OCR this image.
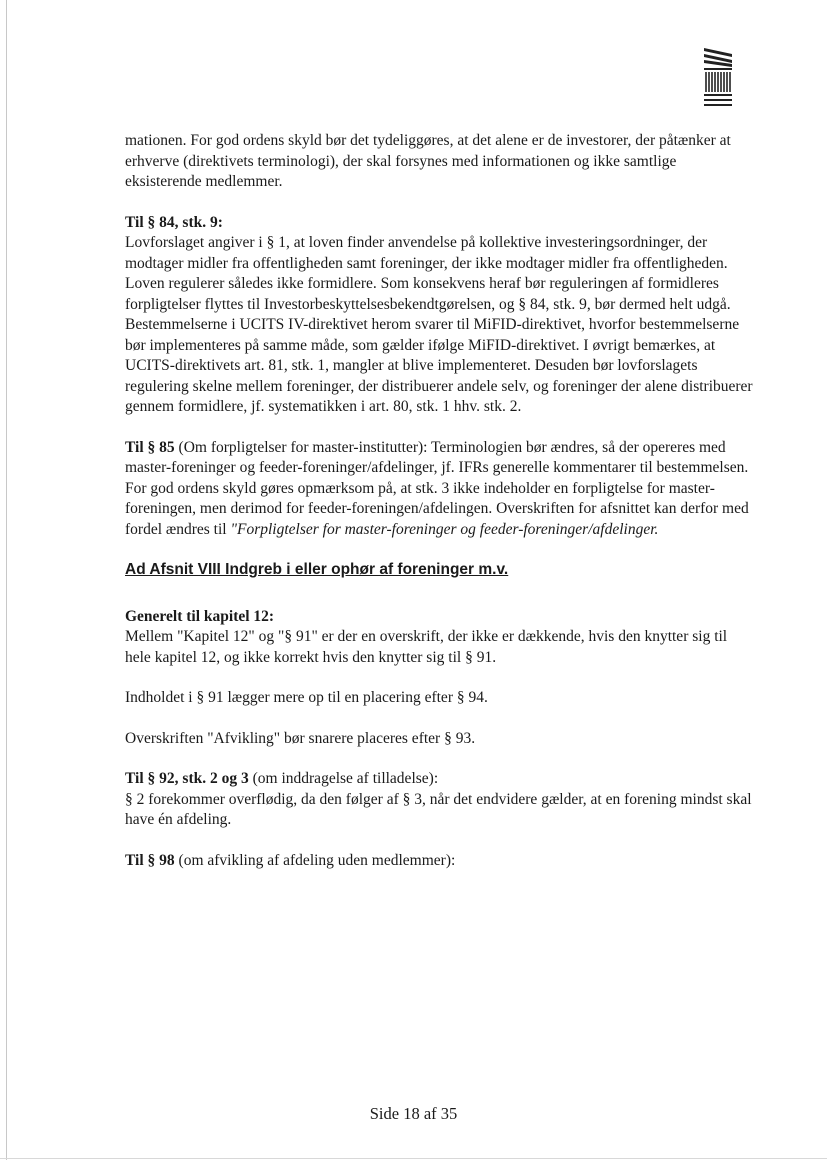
mationen. For god ordens skyld bør det tydeliggøres, at det alene er de investorer, der påtænker at erhverve (direktivets terminologi), der skal forsynes med informationen og ikke samtlige eksisterende medlemmer.

Til § 84, stk. 9:

Lovforslaget angiver i § 1, at loven finder anvendelse på kollektive investeringsordninger, der modtager midler fra offentligheden samt foreninger, der ikke modtager midler fra offentligheden. Loven regulerer således ikke formidlere. Som konsekvens heraf bør reguleringen af formidleres forpligtelser flyttes til Investorbeskyttelsesbekendtgørelsen, og § 84, stk. 9, bør dermed helt udgå. Bestemmelserne i UCITS IV-direktivet herom svarer til MiFID-direktivet, hvorfor bestemmelserne bør implementeres på samme måde, som gælder ifølge MiFID-direktivet. I øvrigt bemærkes, at UCITS-direktivets art. 81, stk. 1, mangler at blive implementeret. Desuden bør lovforslagets regulering skelne mellem foreninger, der distribuerer andele selv, og foreninger der alene distribuerer gennem formidlere, jf. systematikken i art. 80, stk. 1 hhv. stk. 2.

Til § 85 (Om forpligtelser for master-institutter): Terminologien bør ændres, så der opereres med master-foreninger og feeder-foreninger/afdelinger, jf. IFRs generelle kommentarer til bestemmelsen. For god ordens skyld gøres opmærksom på, at stk. 3 ikke indeholder en forpligtelse for master-foreningen, men derimod for feeder-foreningen/afdelingen. Overskriften for afsnittet kan derfor med fordel ændres til "Forpligtelser for master-foreninger og feeder-foreninger/afdelinger.

Ad Afsnit VIII Indgreb i eller ophør af foreninger m.v.

Generelt til kapitel 12:

Mellem "Kapitel 12" og "§ 91" er der en overskrift, der ikke er dækkende, hvis den knytter sig til hele kapitel 12, og ikke korrekt hvis den knytter sig til § 91.

Indholdet i § 91 lægger mere op til en placering efter § 94.

Overskriften "Afvikling" bør snarere placeres efter § 93.

Til § 92, stk. 2 og 3 (om inddragelse af tilladelse):

§ 2 forekommer overflødig, da den følger af § 3, når det endvidere gælder, at en forening mindst skal have én afdeling.

Til § 98 (om afvikling af afdeling uden medlemmer):

Side 18 af 35
